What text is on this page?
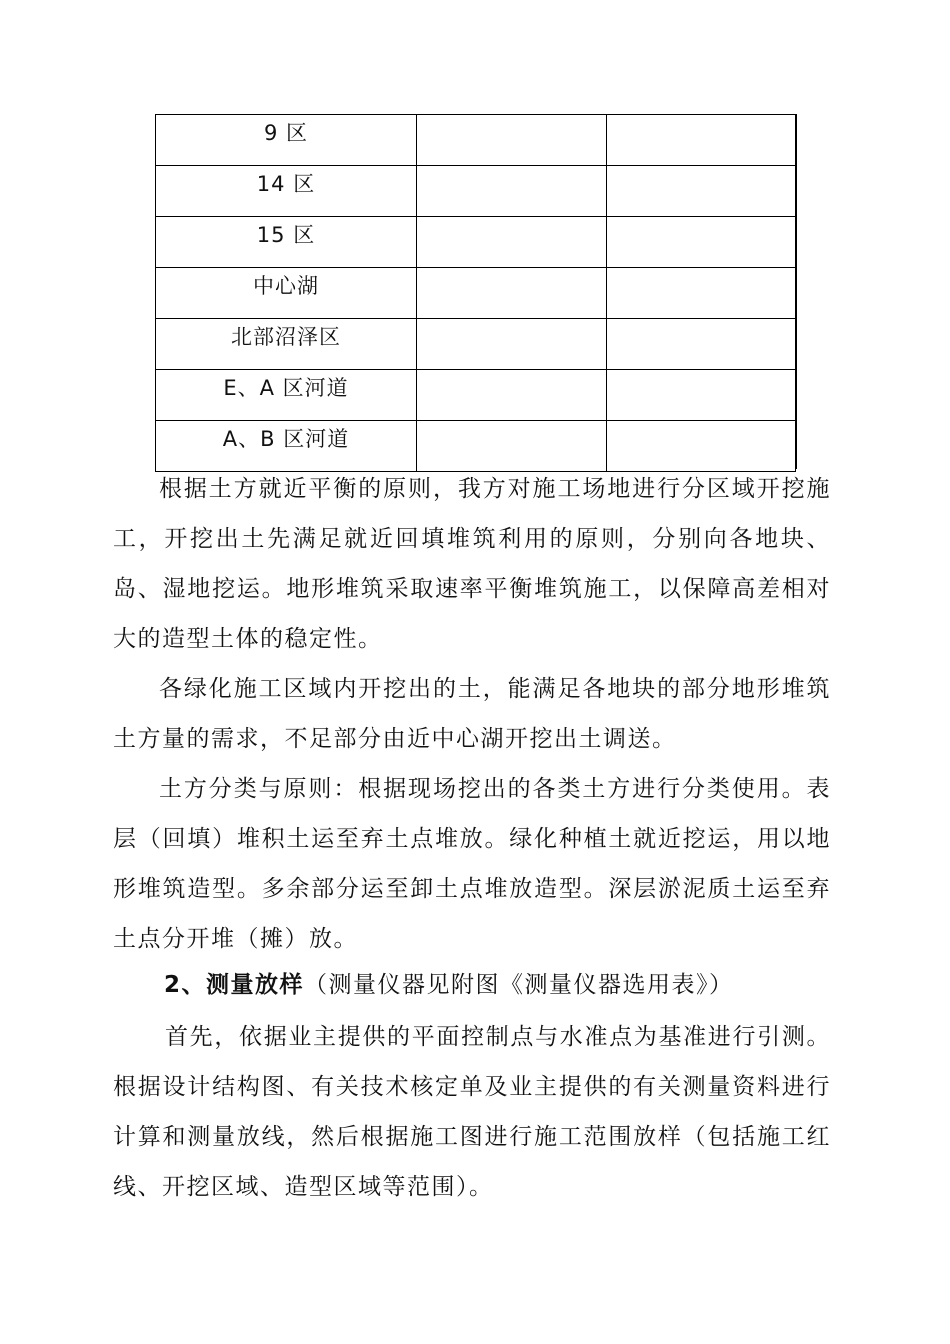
9 区		
14 区		
15 区		
中心湖		
北部沼泽区		
E、A 区河道		
A、B 区河道		

根据土方就近平衡的原则，我方对施工场地进行分区域开挖施工，开挖出土先满足就近回填堆筑利用的原则，分别向各地块、岛、湿地挖运。地形堆筑采取速率平衡堆筑施工，以保障高差相对大的造型土体的稳定性。

各绿化施工区域内开挖出的土，能满足各地块的部分地形堆筑土方量的需求，不足部分由近中心湖开挖出土调送。

土方分类与原则：根据现场挖出的各类土方进行分类使用。表层（回填）堆积土运至弃土点堆放。绿化种植土就近挖运，用以地形堆筑造型。多余部分运至卸土点堆放造型。深层淤泥质土运至弃土点分开堆（摊）放。

2、测量放样（测量仪器见附图《测量仪器选用表》）

首先，依据业主提供的平面控制点与水准点为基准进行引测。根据设计结构图、有关技术核定单及业主提供的有关测量资料进行计算和测量放线，然后根据施工图进行施工范围放样（包括施工红线、开挖区域、造型区域等范围）。
